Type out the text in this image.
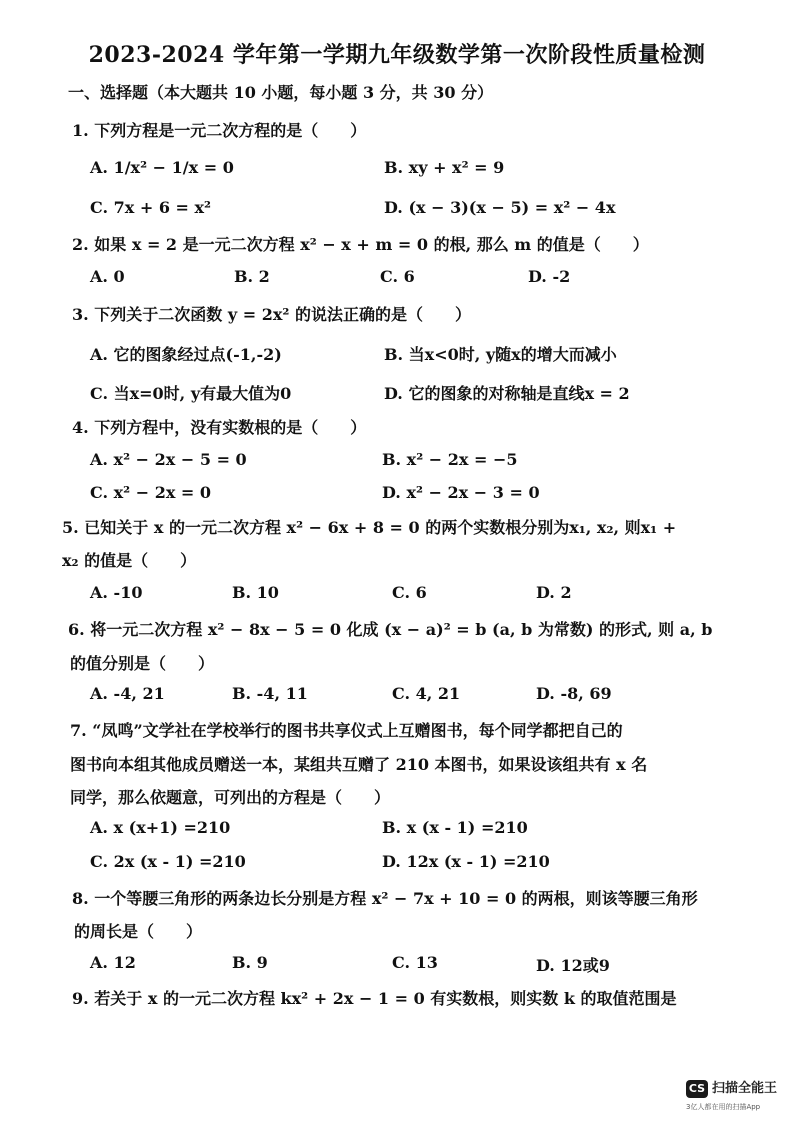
2023-2024 学年第一学期九年级数学第一次阶段性质量检测
一、选择题（本大题共 10 小题，每小题 3 分，共 30 分）
1. 下列方程是一元二次方程的是（　　）
A. 1/x² − 1/x = 0	B. xy + x² = 9
C. 7x + 6 = x²	D. (x − 3)(x − 5) = x² − 4x
2. 如果 x = 2 是一元二次方程 x² − x + m = 0 的根, 那么 m 的值是（　　）
A. 0	B. 2	C. 6	D. -2
3. 下列关于二次函数 y = 2x² 的说法正确的是（　　）
A. 它的图象经过点(-1,-2)	B. 当x<0时, y随x的增大而减小
C. 当x=0时, y有最大值为0	D. 它的图象的对称轴是直线x = 2
4. 下列方程中，没有实数根的是（　　）
A. x² − 2x − 5 = 0	B. x² − 2x = −5
C. x² − 2x = 0	D. x² − 2x − 3 = 0
5. 已知关于 x 的一元二次方程 x² − 6x + 8 = 0 的两个实数根分别为x₁, x₂, 则x₁ +
x₂ 的值是（　　）
A. -10	B. 10	C. 6	D. 2
6. 将一元二次方程 x² − 8x − 5 = 0 化成 (x − a)² = b (a, b 为常数) 的形式, 则 a, b
的值分别是（　　）
A. -4, 21	B. -4, 11	C. 4, 21	D. -8, 69
7. “凤鸣”文学社在学校举行的图书共享仪式上互赠图书，每个同学都把自己的
图书向本组其他成员赠送一本，某组共互赠了 210 本图书，如果设该组共有 x 名
同学，那么依题意，可列出的方程是（　　）
A. x (x+1) =210	B. x (x - 1) =210
C. 2x (x - 1) =210	D. 12x (x - 1) =210
8. 一个等腰三角形的两条边长分别是方程 x² − 7x + 10 = 0 的两根，则该等腰三角形
的周长是（　　）
A. 12	B. 9	C. 13	D. 12或9
9. 若关于 x 的一元二次方程 kx² + 2x − 1 = 0 有实数根，则实数 k 的取值范围是
CS 扫描全能王
3亿人都在用的扫描App
